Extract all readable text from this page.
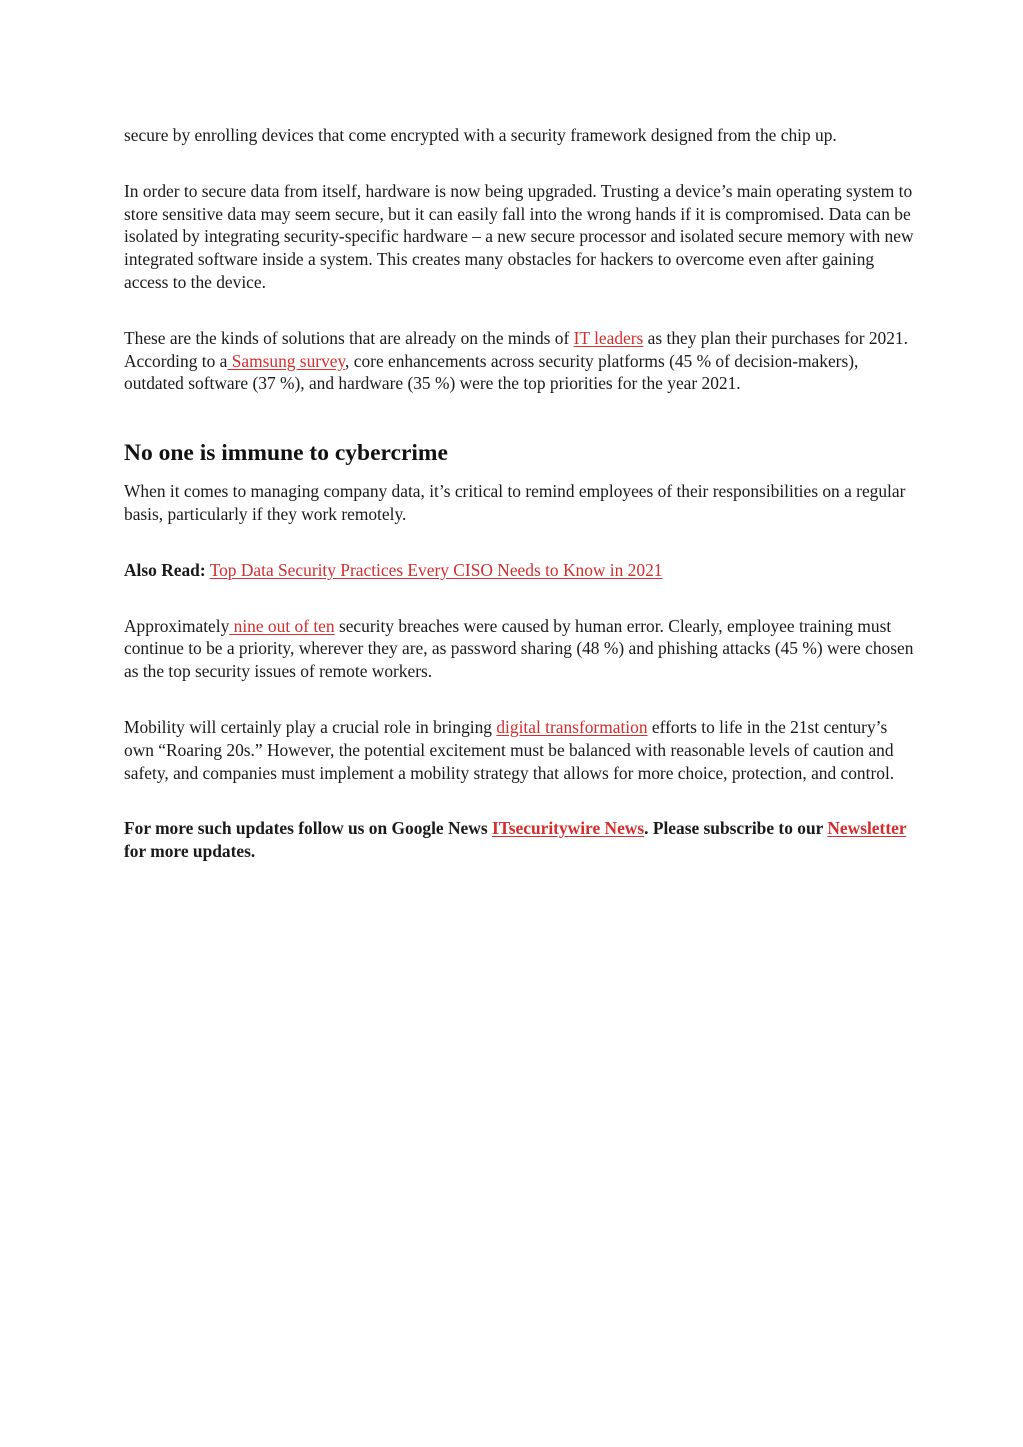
secure by enrolling devices that come encrypted with a security framework designed from the chip up.

In order to secure data from itself, hardware is now being upgraded. Trusting a device’s main operating system to store sensitive data may seem secure, but it can easily fall into the wrong hands if it is compromised. Data can be isolated by integrating security-specific hardware – a new secure processor and isolated secure memory with new integrated software inside a system. This creates many obstacles for hackers to overcome even after gaining access to the device.

These are the kinds of solutions that are already on the minds of IT leaders as they plan their purchases for 2021. According to a Samsung survey, core enhancements across security platforms (45 % of decision-makers), outdated software (37 %), and hardware (35 %) were the top priorities for the year 2021.

No one is immune to cybercrime

When it comes to managing company data, it’s critical to remind employees of their responsibilities on a regular basis, particularly if they work remotely.

Also Read: Top Data Security Practices Every CISO Needs to Know in 2021

Approximately nine out of ten security breaches were caused by human error. Clearly, employee training must continue to be a priority, wherever they are, as password sharing (48 %) and phishing attacks (45 %) were chosen as the top security issues of remote workers.

Mobility will certainly play a crucial role in bringing digital transformation efforts to life in the 21st century’s own “Roaring 20s.” However, the potential excitement must be balanced with reasonable levels of caution and safety, and companies must implement a mobility strategy that allows for more choice, protection, and control.

For more such updates follow us on Google News ITsecuritywire News. Please subscribe to our Newsletter for more updates.
